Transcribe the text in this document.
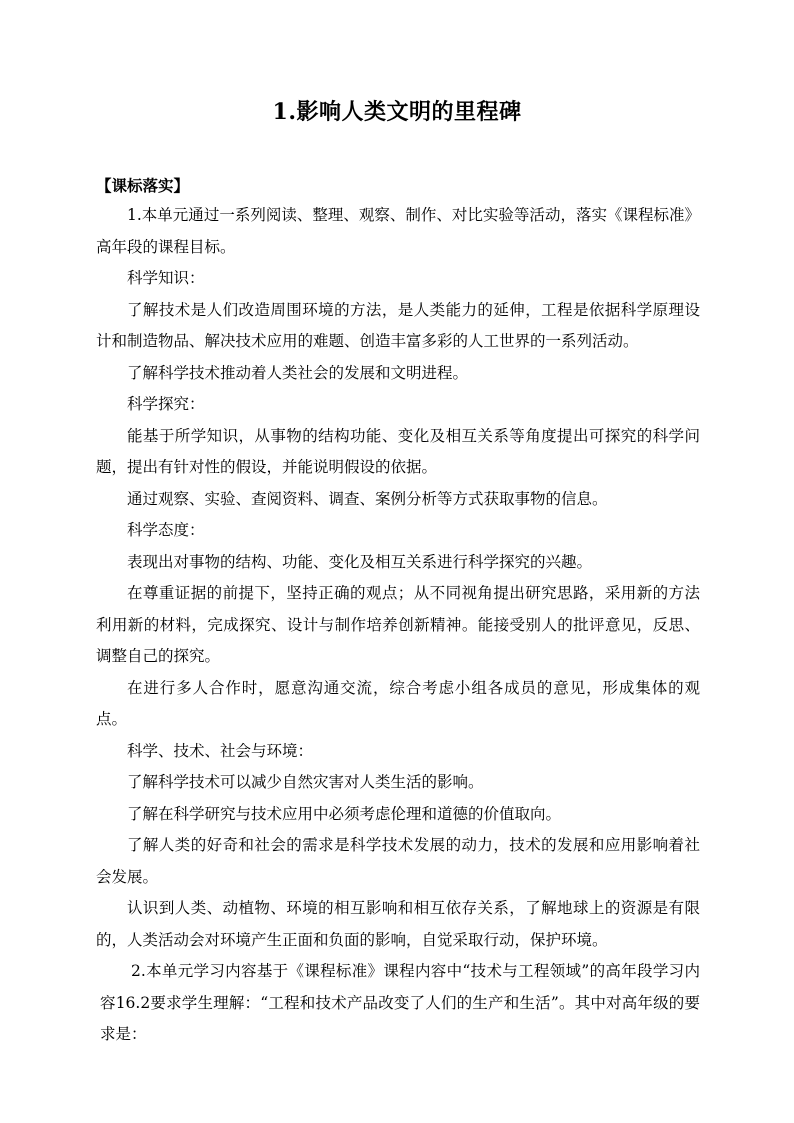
1.影响人类文明的里程碑
【课标落实】

1.本单元通过一系列阅读、整理、观察、制作、对比实验等活动，落实《课程标准》高年段的课程目标。

科学知识：

了解技术是人们改造周围环境的方法，是人类能力的延伸，工程是依据科学原理设计和制造物品、解决技术应用的难题、创造丰富多彩的人工世界的一系列活动。

了解科学技术推动着人类社会的发展和文明进程。

科学探究：

能基于所学知识，从事物的结构功能、变化及相互关系等角度提出可探究的科学问题，提出有针对性的假设，并能说明假设的依据。

通过观察、实验、查阅资料、调查、案例分析等方式获取事物的信息。

科学态度：

表现出对事物的结构、功能、变化及相互关系进行科学探究的兴趣。

在尊重证据的前提下，坚持正确的观点；从不同视角提出研究思路，采用新的方法利用新的材料，完成探究、设计与制作培养创新精神。能接受别人的批评意见，反思、调整自己的探究。

在进行多人合作时，愿意沟通交流，综合考虑小组各成员的意见，形成集体的观点。

科学、技术、社会与环境：

了解科学技术可以减少自然灾害对人类生活的影响。

了解在科学研究与技术应用中必须考虑伦理和道德的价值取向。

了解人类的好奇和社会的需求是科学技术发展的动力，技术的发展和应用影响着社会发展。

认识到人类、动植物、环境的相互影响和相互依存关系，了解地球上的资源是有限的，人类活动会对环境产生正面和负面的影响，自觉采取行动，保护环境。

2.本单元学习内容基于《课程标准》课程内容中“技术与工程领域”的高年段学习内容16.2要求学生理解：“工程和技术产品改变了人们的生产和生活”。其中对高年级的要求是：
